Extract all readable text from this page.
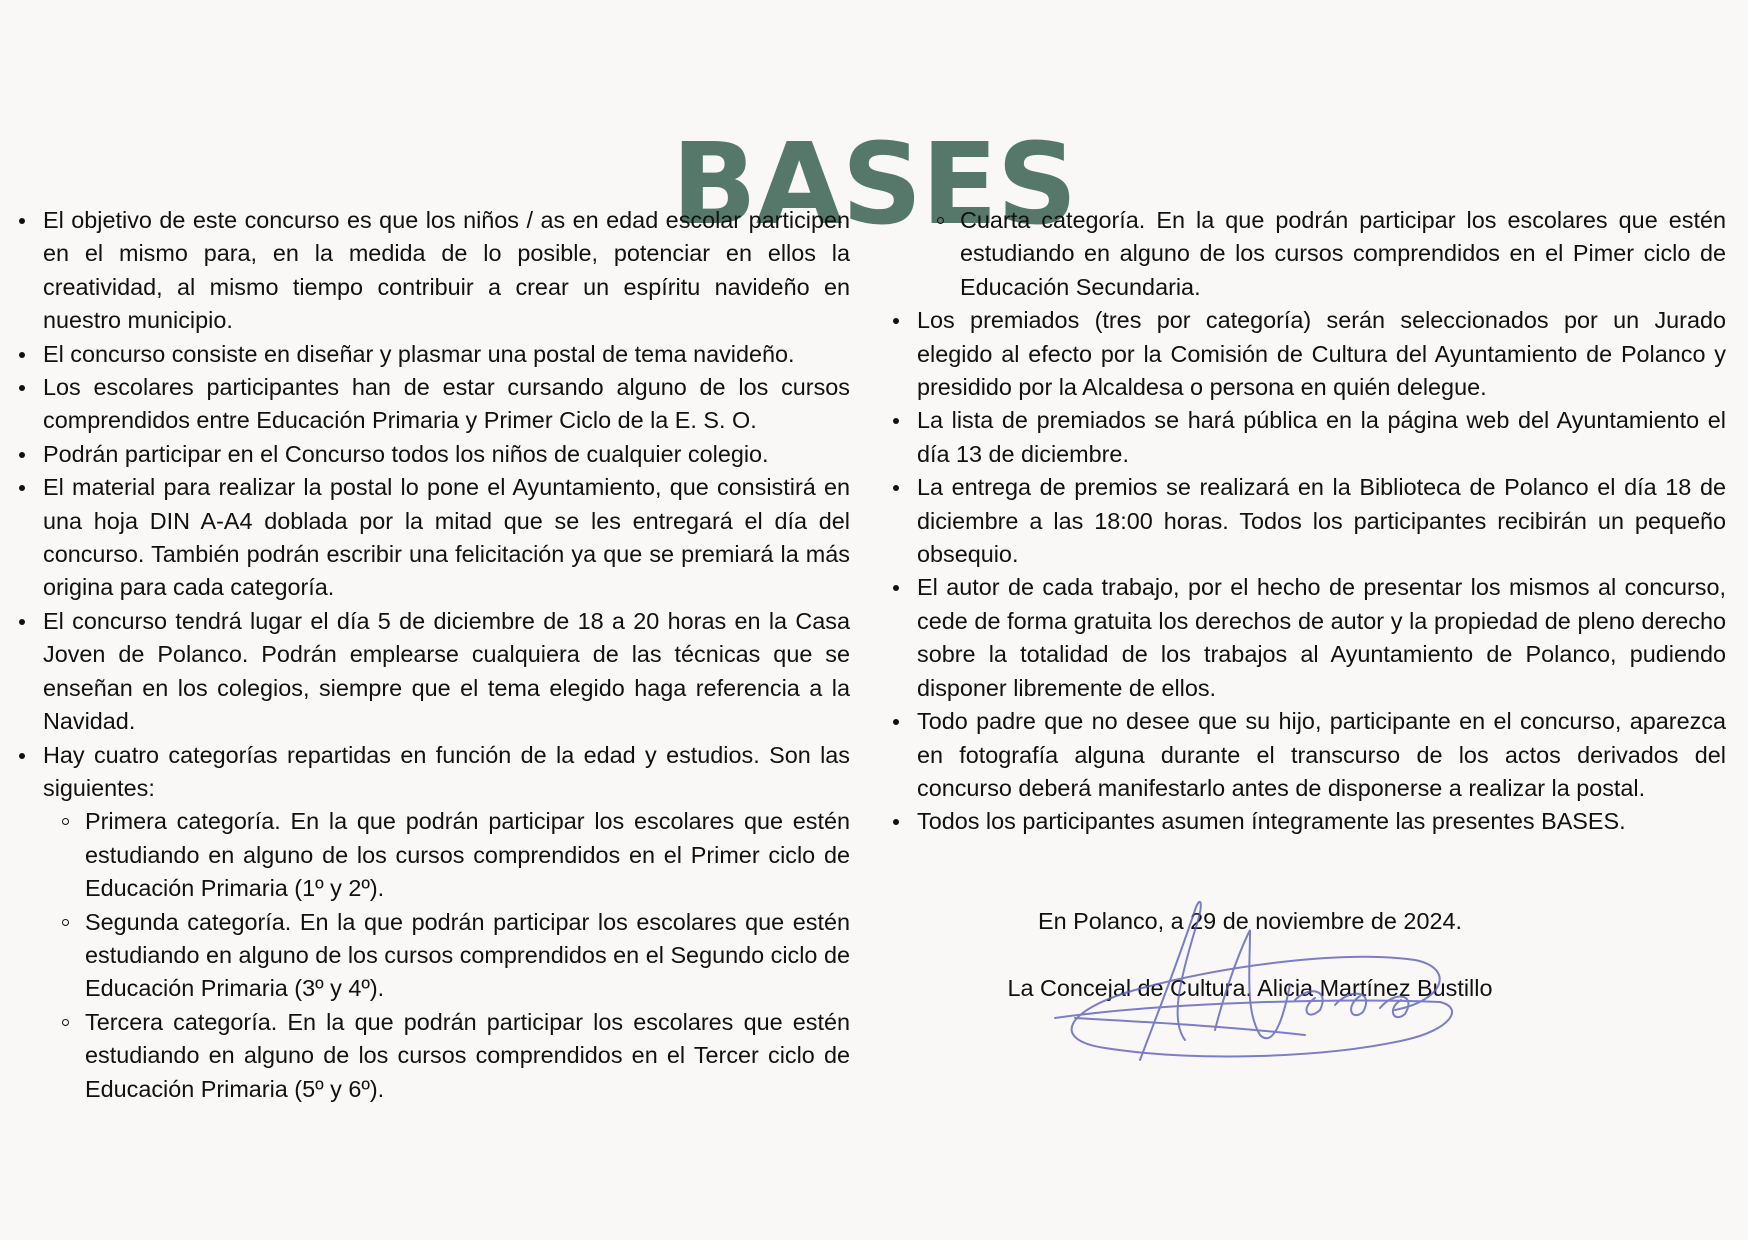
BASES
El objetivo de este concurso es que los niños / as en edad escolar participen en el mismo para, en la medida de lo posible, potenciar en ellos la creatividad, al mismo tiempo contribuir a crear un espíritu navideño en nuestro municipio.
El concurso consiste en diseñar y plasmar una postal de tema navideño.
Los escolares participantes han de estar cursando alguno de los cursos comprendidos entre Educación Primaria y Primer Ciclo de la E. S. O.
Podrán participar en el Concurso todos los niños de cualquier colegio.
El material para realizar la postal lo pone el Ayuntamiento, que consistirá en una hoja DIN A-A4 doblada por la mitad que se les entregará el día del concurso. También podrán escribir una felicitación ya que se premiará la más origina para cada categoría.
El concurso tendrá lugar el día 5 de diciembre de 18 a 20 horas en la Casa Joven de Polanco. Podrán emplearse cualquiera de las técnicas que se enseñan en los colegios, siempre que el tema elegido haga referencia a la Navidad.
Hay cuatro categorías repartidas en función de la edad y estudios. Son las siguientes:
Primera categoría. En la que podrán participar los escolares que estén estudiando en alguno de los cursos comprendidos en el Primer ciclo de Educación Primaria (1º y 2º).
Segunda categoría. En la que podrán participar los escolares que estén estudiando en alguno de los cursos comprendidos en el Segundo ciclo de Educación Primaria (3º y 4º).
Tercera categoría. En la que podrán participar los escolares que estén estudiando en alguno de los cursos comprendidos en el Tercer ciclo de Educación Primaria (5º y 6º).
Cuarta categoría. En la que podrán participar los escolares que estén estudiando en alguno de los cursos comprendidos en el Pimer ciclo de Educación Secundaria.
Los premiados (tres por categoría) serán seleccionados por un Jurado elegido al efecto por la Comisión de Cultura del Ayuntamiento de Polanco y presidido por la Alcaldesa o persona en quién delegue.
La lista de premiados se hará pública en la página web del Ayuntamiento el día 13 de diciembre.
La entrega de premios se realizará en la Biblioteca de Polanco el día 18 de diciembre a las 18:00 horas. Todos los participantes recibirán un pequeño obsequio.
El autor de cada trabajo, por el hecho de presentar los mismos al concurso, cede de forma gratuita los derechos de autor y la propiedad de pleno derecho sobre la totalidad de los trabajos al Ayuntamiento de Polanco, pudiendo disponer libremente de ellos.
Todo padre que no desee que su hijo, participante en el concurso, aparezca en fotografía alguna durante el transcurso de los actos derivados del concurso deberá manifestarlo antes de disponerse a realizar la postal.
Todos los participantes asumen íntegramente las presentes BASES.
En Polanco, a 29 de noviembre de 2024.
La Concejal de Cultura. Alicia Martínez Bustillo
